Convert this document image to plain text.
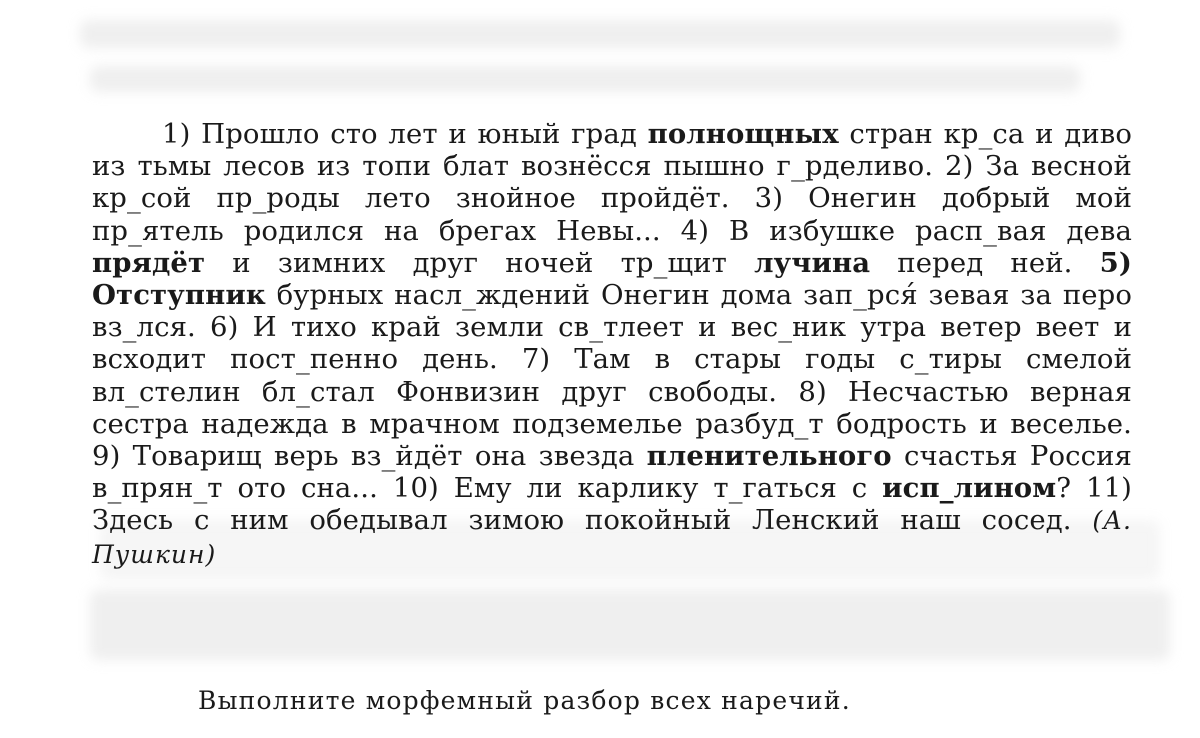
1) Прошло сто лет и юный град полнощных стран кр_са и диво из тьмы лесов из топи блат вознёсся пышно г_рделиво. 2) За весной кр_сой пр_роды лето знойное пройдёт. 3) Онегин добрый мой пр_ятель родился на брегах Невы... 4) В избушке расп_вая дева прядёт и зимних друг ночей тр_щит лучина перед ней. 5) Отступник бурных насл_ждений Онегин дома зап_рся́ зевая за перо вз_лся. 6) И тихо край земли св_тлеет и вес_ник утра ветер веет и всходит пост_пенно день. 7) Там в стары годы с_тиры смелой вл_стелин бл_стал Фонвизин друг свободы. 8) Несчастью верная сестра надежда в мрачном подземелье разбуд_т бодрость и веселье. 9) Товарищ верь вз_йдёт она звезда пленительного счастья Россия в_прян_т ото сна... 10) Ему ли карлику т_гаться с исп_лином? 11) Здесь с ним обедывал зимою покойный Ленский наш сосед. (А. Пушкин)
Выполните морфемный разбор всех наречий.
